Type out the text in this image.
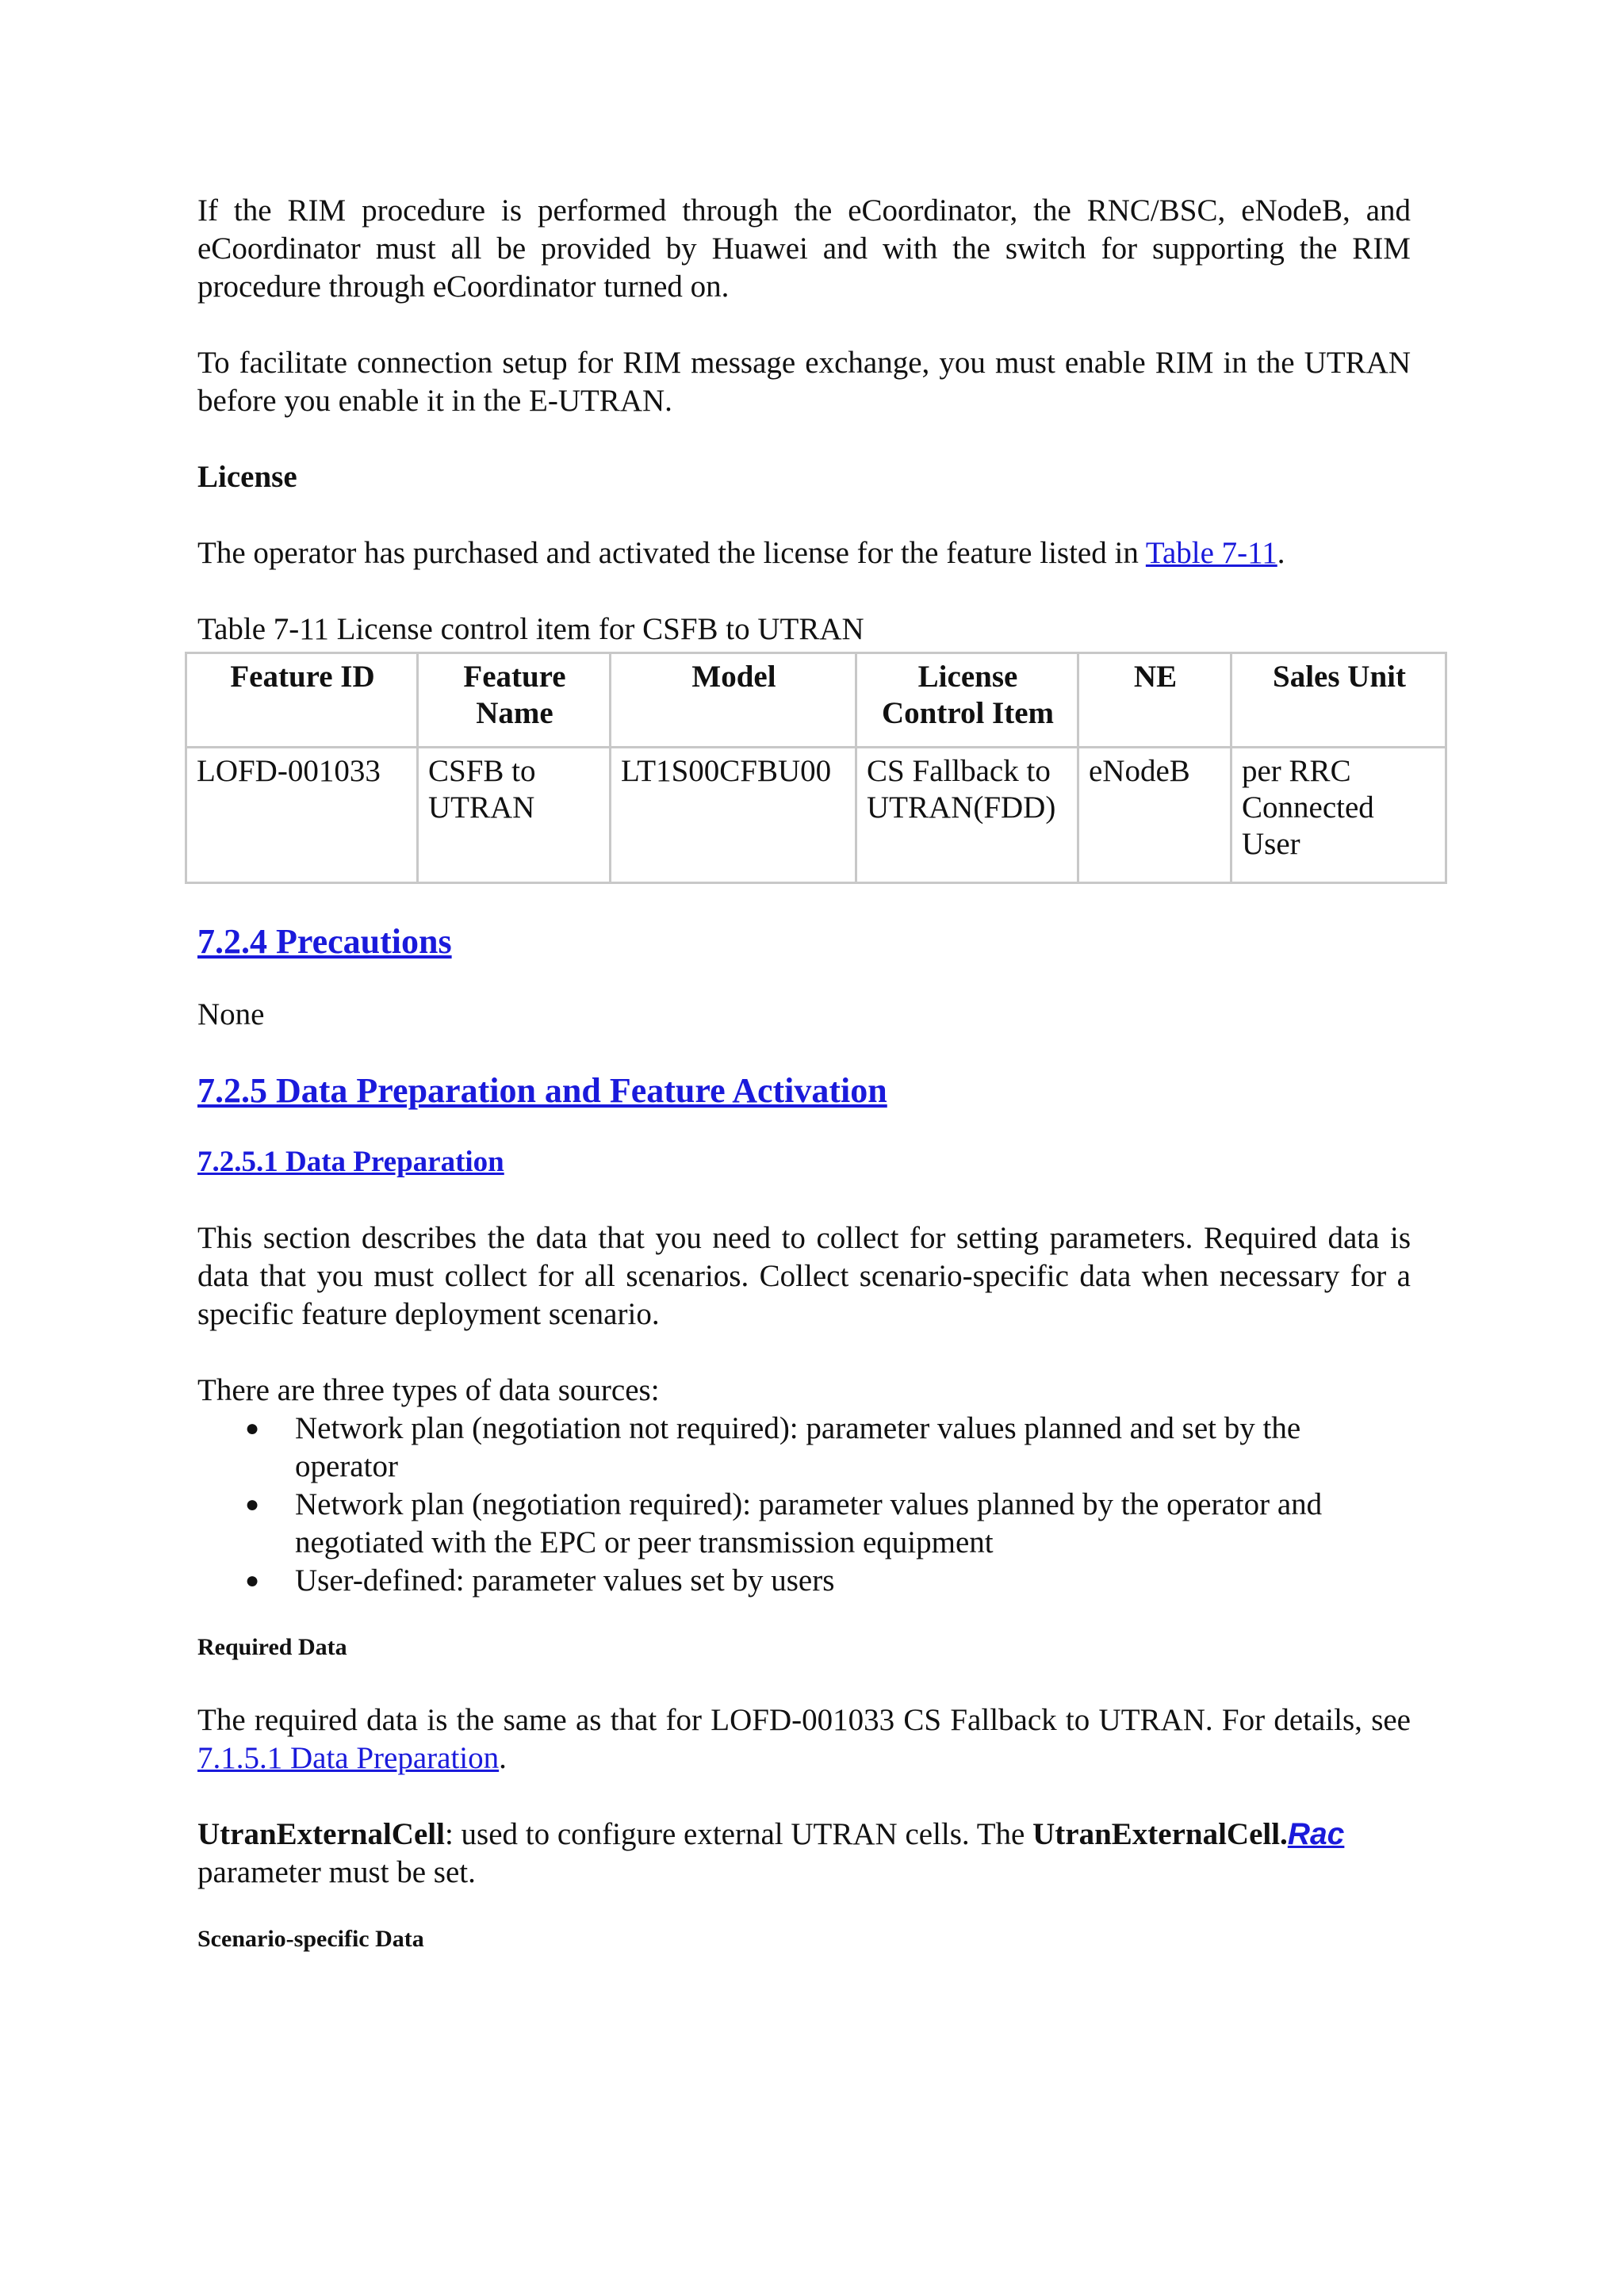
If the RIM procedure is performed through the eCoordinator, the RNC/BSC, eNodeB, and eCoordinator must all be provided by Huawei and with the switch for supporting the RIM procedure through eCoordinator turned on.

To facilitate connection setup for RIM message exchange, you must enable RIM in the UTRAN before you enable it in the E-UTRAN.

License

The operator has purchased and activated the license for the feature listed in Table 7-11.

Table 7-11 License control item for CSFB to UTRAN

Feature ID	Feature Name	Model	License Control Item	NE	Sales Unit
LOFD-001033	CSFB to UTRAN	LT1S00CFBU00	CS Fallback to UTRAN(FDD)	eNodeB	per RRC Connected User
7.2.4 Precautions

None

7.2.5 Data Preparation and Feature Activation
7.2.5.1 Data Preparation

This section describes the data that you need to collect for setting parameters. Required data is data that you must collect for all scenarios. Collect scenario-specific data when necessary for a specific feature deployment scenario.

There are three types of data sources:

● Network plan (negotiation not required): parameter values planned and set by the operator
● Network plan (negotiation required): parameter values planned by the operator and negotiated with the EPC or peer transmission equipment
● User-defined: parameter values set by users

Required Data

The required data is the same as that for LOFD-001033 CS Fallback to UTRAN. For details, see 7.1.5.1 Data Preparation.

UtranExternalCell: used to configure external UTRAN cells. The UtranExternalCell.Rac
parameter must be set.

Scenario-specific Data
